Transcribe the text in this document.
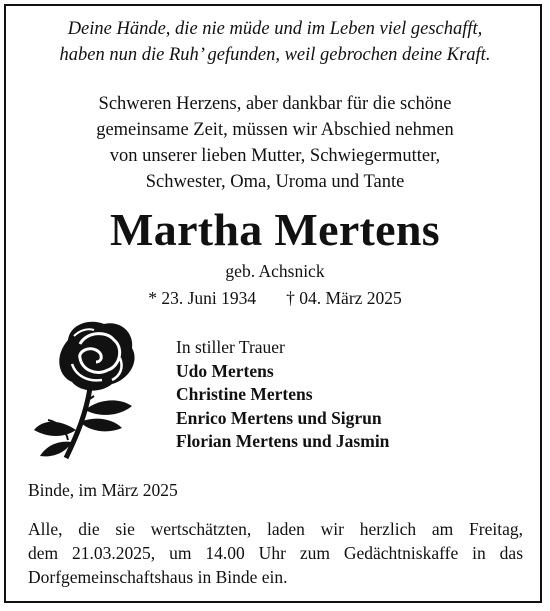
Deine Hände, die nie müde und im Leben viel geschafft,
haben nun die Ruh’ gefunden, weil gebrochen deine Kraft.
Schweren Herzens, aber dankbar für die schöne
gemeinsame Zeit, müssen wir Abschied nehmen
von unserer lieben Mutter, Schwiegermutter,
Schwester, Oma, Uroma und Tante
Martha Mertens
geb. Achsnick
* 23. Juni 1934 † 04. März 2025
In stiller Trauer
Udo Mertens
Christine Mertens
Enrico Mertens und Sigrun
Florian Mertens und Jasmin
Binde, im März 2025
Alle, die sie wertschätzten, laden wir herzlich am Freitag,
dem 21.03.2025, um 14.00 Uhr zum Gedächtniskaffe in das
Dorfgemeinschaftshaus in Binde ein.
